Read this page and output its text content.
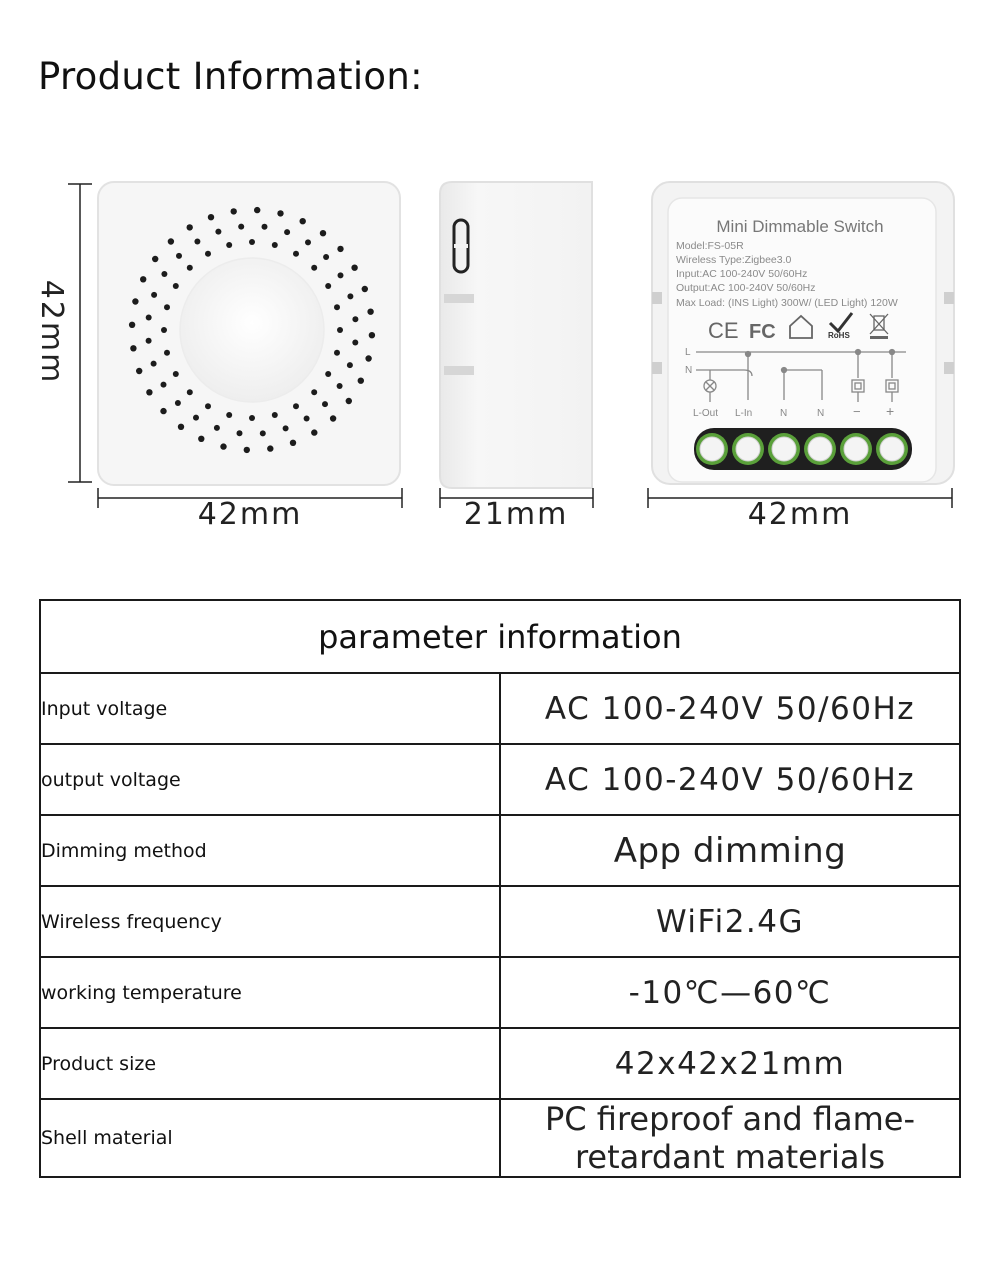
Product Information:
42mm
42mm	21mm
Mini Dimmable Switch
Model:FS-05R
Wireless Type:Zigbee3.0
Input:AC 100-240V 50/60Hz
Output:AC 100-240V 50/60Hz
Max Load: (INS Light) 300W/ (LED Light) 120W
CE FC	RoHS
L
N
L-Out L-In	N	N − +
42mm
parameter information	
Input voltage	AC 100-240V 50/60Hz
output voltage	AC 100-240V 50/60Hz
Dimming method	App dimming
Wireless frequency	WiFi2.4G
working temperature	-10℃—60℃
Product size	42x42x21mm
Shell material	PC fireproof and flame-retardant materials
